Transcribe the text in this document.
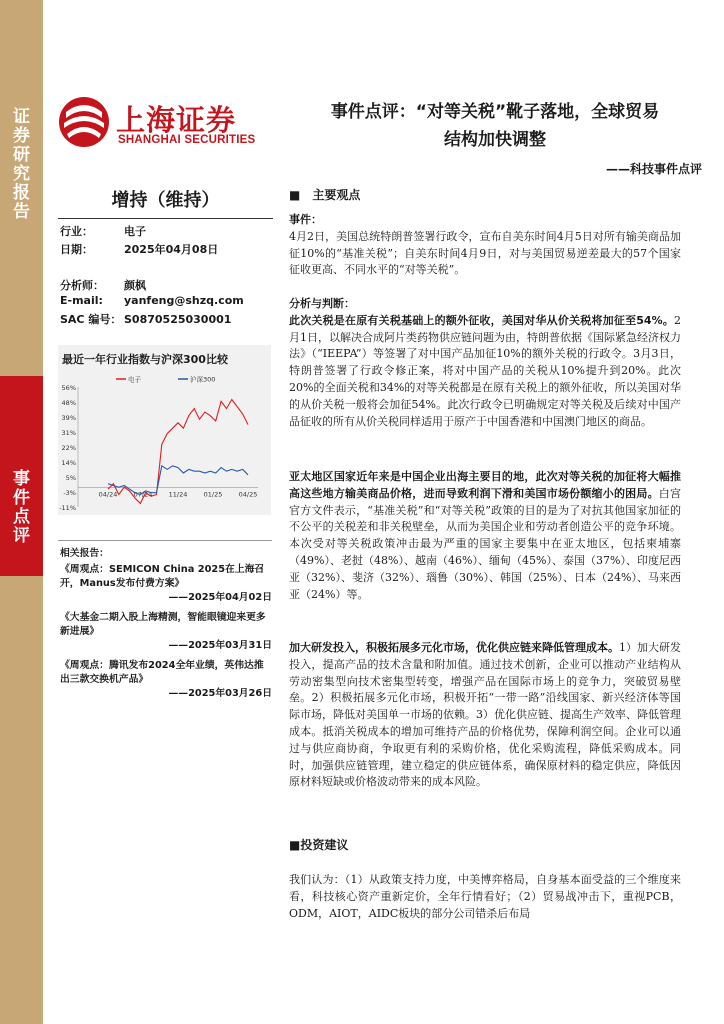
证券研究报告
事件点评
上海证券
SHANGHAI SECURITIES
事件点评：“对等关税”靴子落地，全球贸易
结构加快调整
——科技事件点评
增持（维持）
行业：	电子
日期：	2025年04月08日
分析师： 颜枫
E-mail: yanfeng@shzq.com
SAC 编号： S0870525030001
最近一年行业指数与沪深300比较
56%
48%
39%
31%
22%
14%
5%
-3%
-11%
04/24	07/24	11/24	01/25	04/25
电子	沪深300
相关报告：
《周观点：SEMICON China 2025在上海召开，Manus发布付费方案》
——2025年04月02日
《大基金二期入股上海精测，智能眼镜迎来更多新进展》
——2025年03月31日
《周观点：腾讯发布2024全年业绩，英伟达推出三款交换机产品》
——2025年03月26日
■　主要观点
事件：
4月2日，美国总统特朗普签署行政令，宣布自美东时间4月5日对所有输美商品加征10%的“基准关税”；自美东时间4月9日，对与美国贸易逆差最大的57个国家征收更高、不同水平的“对等关税”。
分析与判断：
此次关税是在原有关税基础上的额外征收，美国对华从价关税将加征至54%。2月1日，以解决合成阿片类药物供应链问题为由，特朗普依据《国际紧急经济权力法》（“IEEPA”）等签署了对中国产品加征10%的额外关税的行政令。3月3日，特朗普签署了行政令修正案，将对中国产品的关税从10%提升到20%。此次20%的全面关税和34%的对等关税都是在原有关税上的额外征收，所以美国对华的从价关税一般将会加征54%。此次行政令已明确规定对等关税及后续对中国产品征收的所有从价关税同样适用于原产于中国香港和中国澳门地区的商品。
亚太地区国家近年来是中国企业出海主要目的地，此次对等关税的加征将大幅推高这些地方输美商品价格，进而导致利润下滑和美国市场份额缩小的困局。白宫官方文件表示，“基准关税”和“对等关税”政策的目的是为了对抗其他国家加征的不公平的关税差和非关税壁垒，从而为美国企业和劳动者创造公平的竞争环境。本次受对等关税政策冲击最为严重的国家主要集中在亚太地区，包括柬埔寨（49%）、老挝（48%）、越南（46%）、缅甸（45%）、泰国（37%）、印度尼西亚（32%）、斐济（32%）、瑙鲁（30%）、韩国（25%）、日本（24%）、马来西亚（24%）等。
加大研发投入，积极拓展多元化市场，优化供应链来降低管理成本。1）加大研发投入，提高产品的技术含量和附加值。通过技术创新，企业可以推动产业结构从劳动密集型向技术密集型转变，增强产品在国际市场上的竞争力，突破贸易壁垒。2）积极拓展多元化市场，积极开拓“一带一路”沿线国家、新兴经济体等国际市场，降低对美国单一市场的依赖。3）优化供应链、提高生产效率、降低管理成本。抵消关税成本的增加可维持产品的价格优势，保障利润空间。企业可以通过与供应商协商，争取更有利的采购价格，优化采购流程，降低采购成本。同时，加强供应链管理，建立稳定的供应链体系，确保原材料的稳定供应，降低因原材料短缺或价格波动带来的成本风险。
■投资建议
我们认为：（1）从政策支持力度，中美博弈格局，自身基本面受益的三个维度来看，科技核心资产重新定价，全年行情看好；（2）贸易战冲击下，重视PCB，ODM，AIOT，AIDC板块的部分公司错杀后布局
